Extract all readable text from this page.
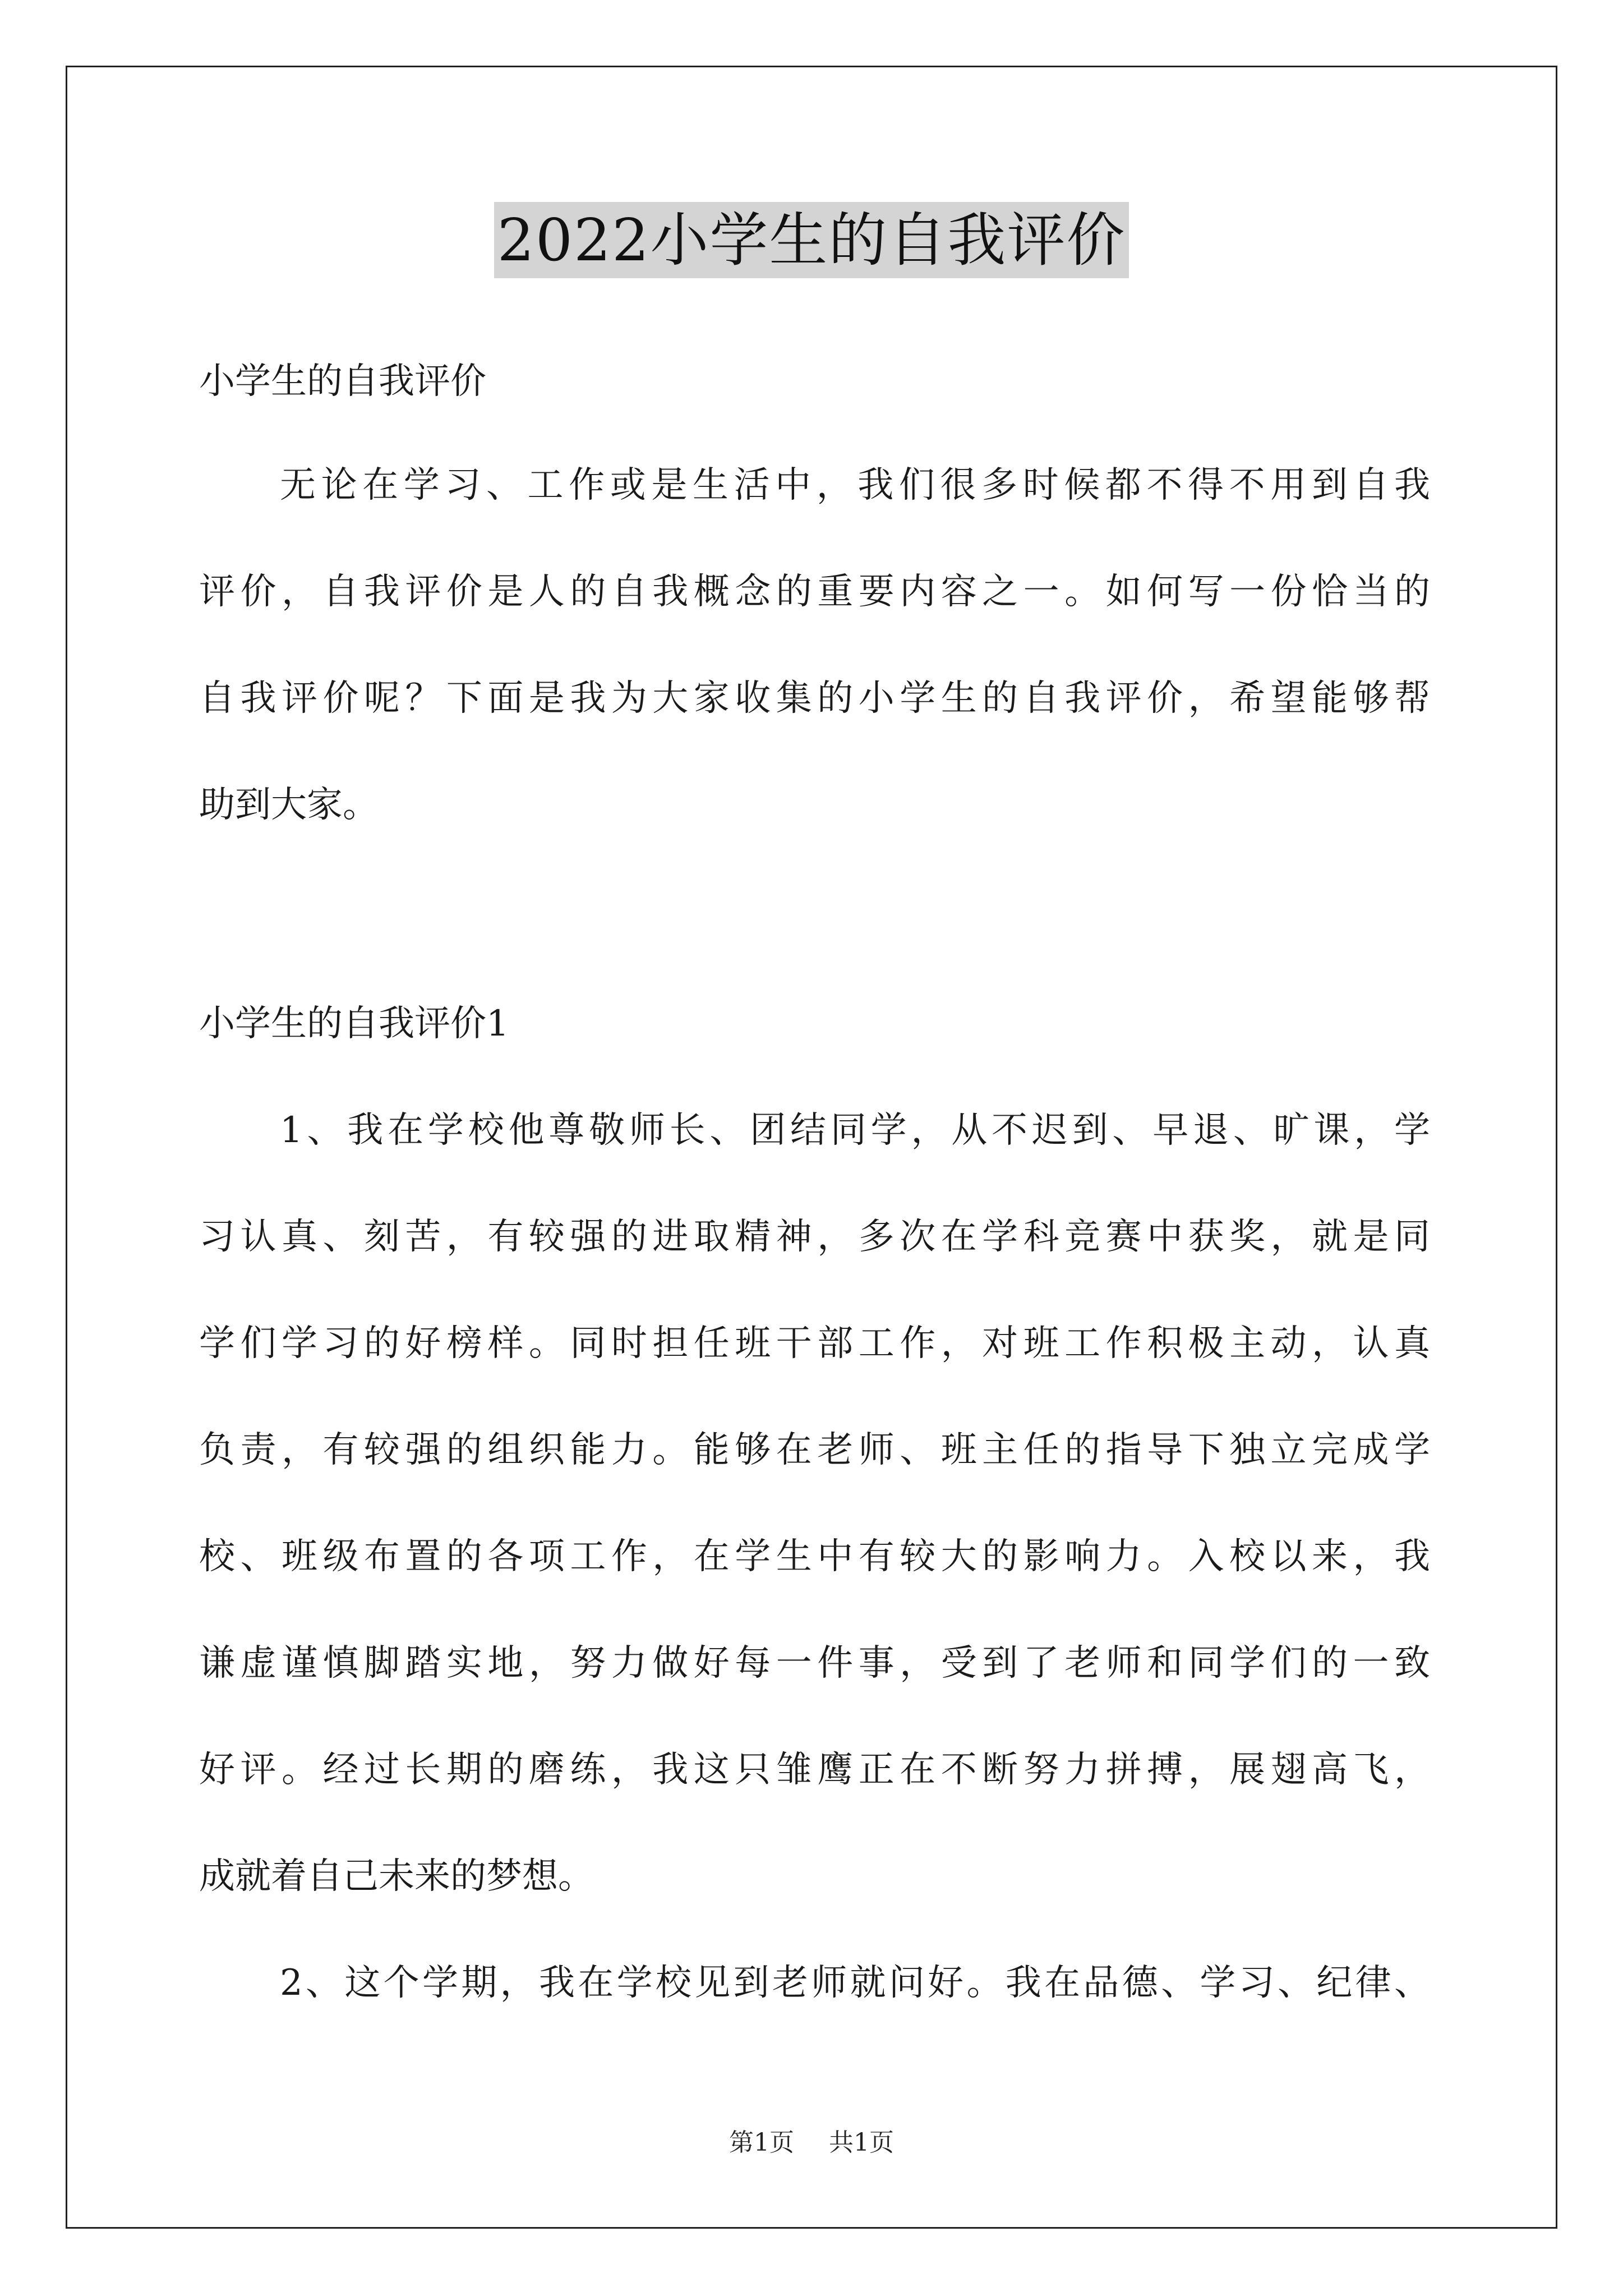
2022小学生的自我评价
小学生的自我评价
无论在学习、工作或是生活中，我们很多时候都不得不用到自我
评价，自我评价是人的自我概念的重要内容之一。如何写一份恰当的
自我评价呢？下面是我为大家收集的小学生的自我评价，希望能够帮
助到大家。
小学生的自我评价1
1、我在学校他尊敬师长、团结同学，从不迟到、早退、旷课，学
习认真、刻苦，有较强的进取精神，多次在学科竞赛中获奖，就是同
学们学习的好榜样。同时担任班干部工作，对班工作积极主动，认真
负责，有较强的组织能力。能够在老师、班主任的指导下独立完成学
校、班级布置的各项工作，在学生中有较大的影响力。入校以来，我
谦虚谨慎脚踏实地，努力做好每一件事，受到了老师和同学们的一致
好评。经过长期的磨练，我这只雏鹰正在不断努力拼搏，展翅高飞，
成就着自己未来的梦想。
2、这个学期，我在学校见到老师就问好。我在品德、学习、纪律、
第1页 共1页
